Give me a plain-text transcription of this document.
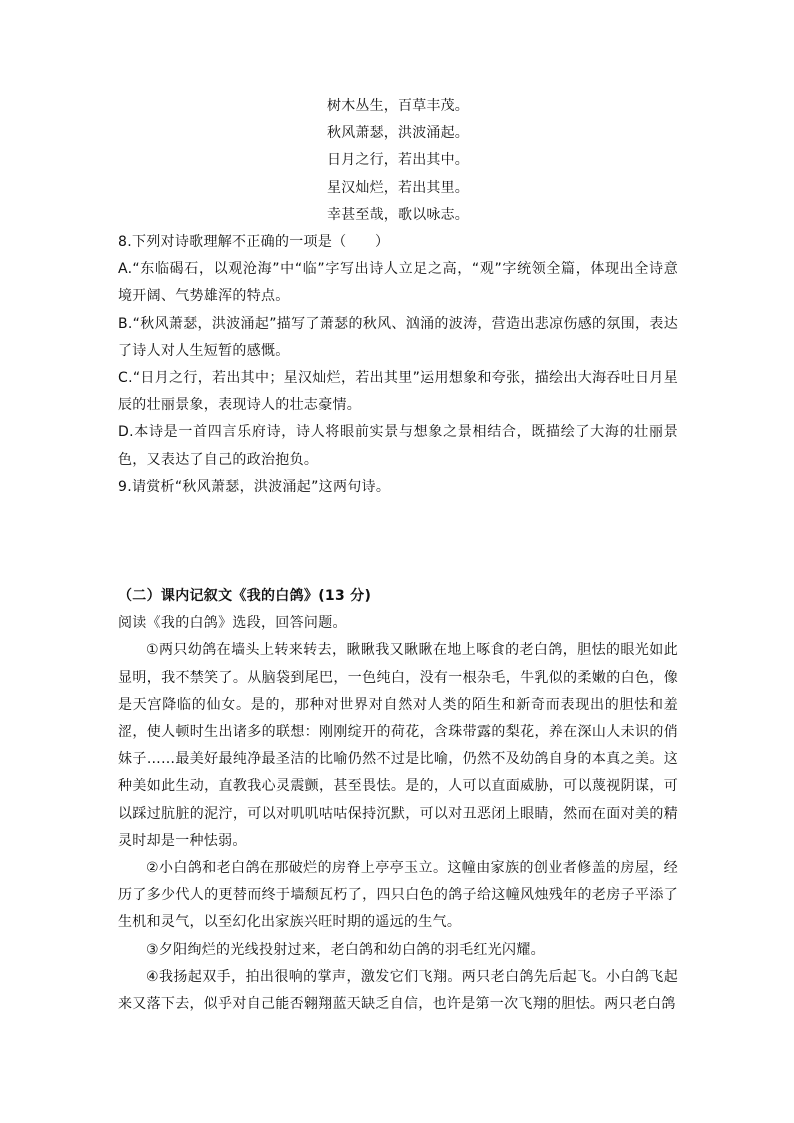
树木丛生，百草丰茂。
秋风萧瑟，洪波涌起。
日月之行，若出其中。
星汉灿烂，若出其里。
幸甚至哉，歌以咏志。

8.下列对诗歌理解不正确的一项是（　　）

A.“东临碣石，以观沧海”中“临”字写出诗人立足之高，“观”字统领全篇，体现出全诗意境开阔、气势雄浑的特点。

B.“秋风萧瑟，洪波涌起”描写了萧瑟的秋风、汹涌的波涛，营造出悲凉伤感的氛围，表达了诗人对人生短暂的感慨。

C.“日月之行，若出其中；星汉灿烂，若出其里”运用想象和夸张，描绘出大海吞吐日月星辰的壮丽景象，表现诗人的壮志豪情。

D.本诗是一首四言乐府诗，诗人将眼前实景与想象之景相结合，既描绘了大海的壮丽景色，又表达了自己的政治抱负。

9.请赏析“秋风萧瑟，洪波涌起”这两句诗。

（二）课内记叙文《我的白鸽》(13 分)

阅读《我的白鸽》选段，回答问题。

①两只幼鸽在墙头上转来转去，瞅瞅我又瞅瞅在地上啄食的老白鸽，胆怯的眼光如此显明，我不禁笑了。从脑袋到尾巴，一色纯白，没有一根杂毛，牛乳似的柔嫩的白色，像是天宫降临的仙女。是的，那种对世界对自然对人类的陌生和新奇而表现出的胆怯和羞涩，使人顿时生出诸多的联想：刚刚绽开的荷花，含珠带露的梨花，养在深山人未识的俏妹子……最美好最纯净最圣洁的比喻仍然不过是比喻，仍然不及幼鸽自身的本真之美。这种美如此生动，直教我心灵震颤，甚至畏怯。是的，人可以直面威胁，可以蔑视阴谋，可以踩过肮脏的泥泞，可以对叽叽咕咕保持沉默，可以对丑恶闭上眼睛，然而在面对美的精灵时却是一种怯弱。

②小白鸽和老白鸽在那破烂的房脊上亭亭玉立。这幢由家族的创业者修盖的房屋，经历了多少代人的更替而终于墙颓瓦朽了，四只白色的鸽子给这幢风烛残年的老房子平添了生机和灵气，以至幻化出家族兴旺时期的遥远的生气。

③夕阳绚烂的光线投射过来，老白鸽和幼白鸽的羽毛红光闪耀。

④我扬起双手，拍出很响的掌声，激发它们飞翔。两只老白鸽先后起飞。小白鸽飞起来又落下去，似乎对自己能否翱翔蓝天缺乏自信，也许是第一次飞翔的胆怯。两只老白鸽
